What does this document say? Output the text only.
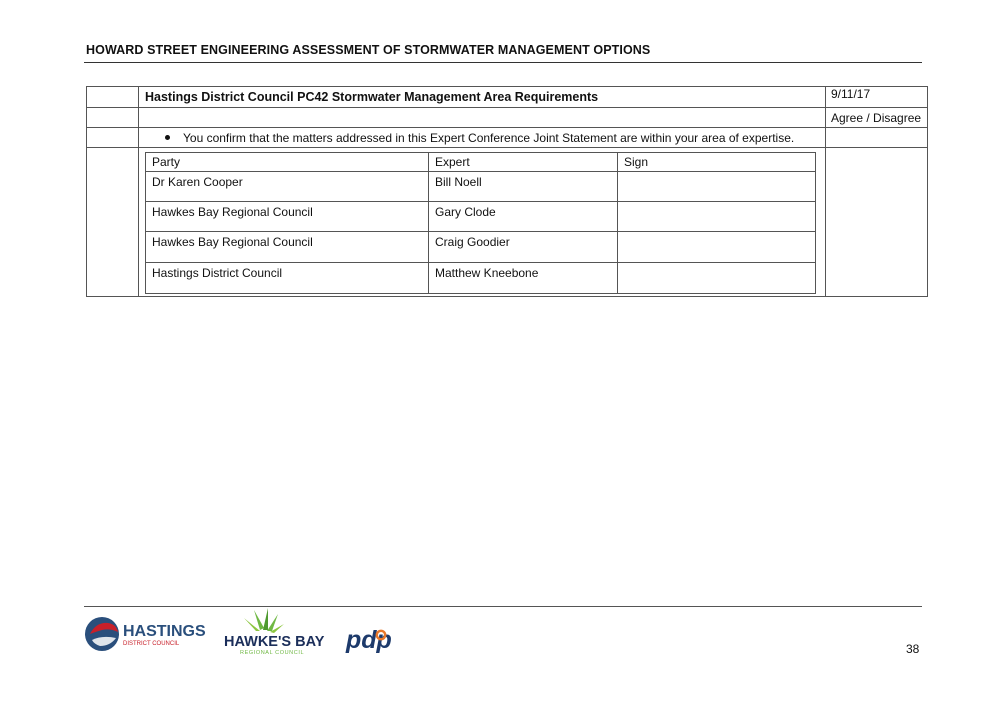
HOWARD STREET ENGINEERING ASSESSMENT OF STORMWATER MANAGEMENT OPTIONS
	Hastings District Council PC42 Stormwater Management Area Requirements	9/11/17
		Agree / Disagree
	You confirm that the matters addressed in this Expert Conference Joint Statement are within your area of expertise.	

Party	Expert	Sign
Dr Karen Cooper	Bill Noell	
Hawkes Bay Regional Council	Gary Clode	
Hawkes Bay Regional Council	Craig Goodier	
Hastings District Council	Matthew Kneebone	

HASTINGS
DISTRICT COUNCIL	HAWKE'S BAY
REGIONAL COUNCIL pdp	38
